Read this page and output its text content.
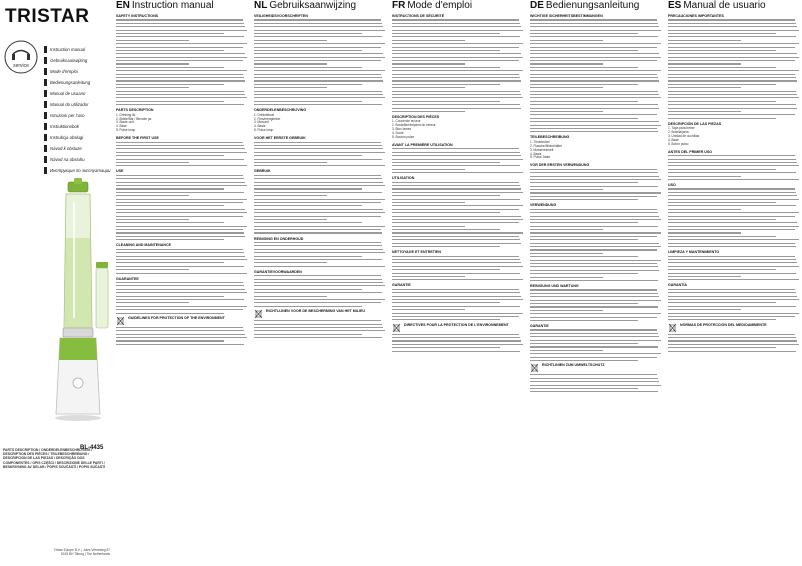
TRISTAR
service
Instruction manual
Gebruiksaanwijzing
Mode d'emploi
Bedienungsanleitung
Manual de usuario
Manual do utilizador
Istruzioni per l'uso
Instruktionsbok
Instrukcja obsługi
Návod k obsluze
Návod na obsluhu
Инструкция по эксплуатации
BL-4435
PARTS DESCRIPTION / ONDERDELENBESCHRIJVING / DESCRIPTION DES PIÈCES / TEILEBESCHREIBUNG / DESCRIPCIÓN DE LAS PIEZAS / DESCRIÇÃO DOS COMPONENTES / OPIS CZĘŚCI / DESCRIZIONE DELLE PARTI / BESKRIVNING AV DELAR / POPIS SOUČÁSTÍ / POPIS SÚČASTÍ
Tristar Europe B.V. | Jules Verneweg 87
5015 BH Tilburg | The Netherlands
EN Instruction manual
SAFETY INSTRUCTIONS
PARTS DESCRIPTION
1. Drinking lid
2. Bottle/Bar / Blender jar
3. Blade unit
4. Base
5. Pulse knop
BEFORE THE FIRST USE
USE
CLEANING AND MAINTENANCE
GUARANTEE
GUIDELINES FOR PROTECTION OF THE ENVIRONMENT
NL Gebruiksaanwijzing
VEILIGHEIDSVOORSCHRIFTEN
ONDERDELENBESCHRIJVING
1. Drinkdeksel
2. Fles/mengbeker
3. Mesunit
4. Basis
5. Pulse knop
VOOR HET EERSTE GEBRUIK
GEBRUIK
REINIGING EN ONDERHOUD
GARANTIEVOORWAARDEN
RICHTLIJNEN VOOR DE BESCHERMING VAN HET MILIEU
FR Mode d'emploi
INSTRUCTIONS DE SÉCURITÉ
DESCRIPTION DES PIÈCES
1. Couvercle buveur
2. Bouteille/récipient du mixeur
3. Bloc lames
4. Socle
5. Bouton pulse
AVANT LA PREMIÈRE UTILISATION
UTILISATION
NETTOYAGE ET ENTRETIEN
GARANTIE
DIRECTIVES POUR LA PROTECTION DE L'ENVIRONNEMENT
DE Bedienungsanleitung
WICHTIGE SICHERHEITSBESTIMMUNGEN
TEILEBESCHREIBUNG
1. Trinkdeckel
2. Flasche/Mixbehälter
3. Messereinheit
4. Basis
5. Pulse-Taste
VOR DER ERSTEN VERWENDUNG
VERWENDUNG
REINIGUNG UND WARTUNG
GARANTIE
RICHTLINIEN ZUM UMWELTSCHUTZ
ES Manual de usuario
PRECAUCIONES IMPORTANTES
DESCRIPCIÓN DE LAS PIEZAS
1. Tapa para beber
2. Botella/jarra
3. Unidad de cuchillas
4. Base
5. Botón pulso
ANTES DEL PRIMER USO
USO
LIMPIEZA Y MANTENIMIENTO
GARANTÍA
NORMAS DE PROTECCIÓN DEL MEDIOAMBIENTE
